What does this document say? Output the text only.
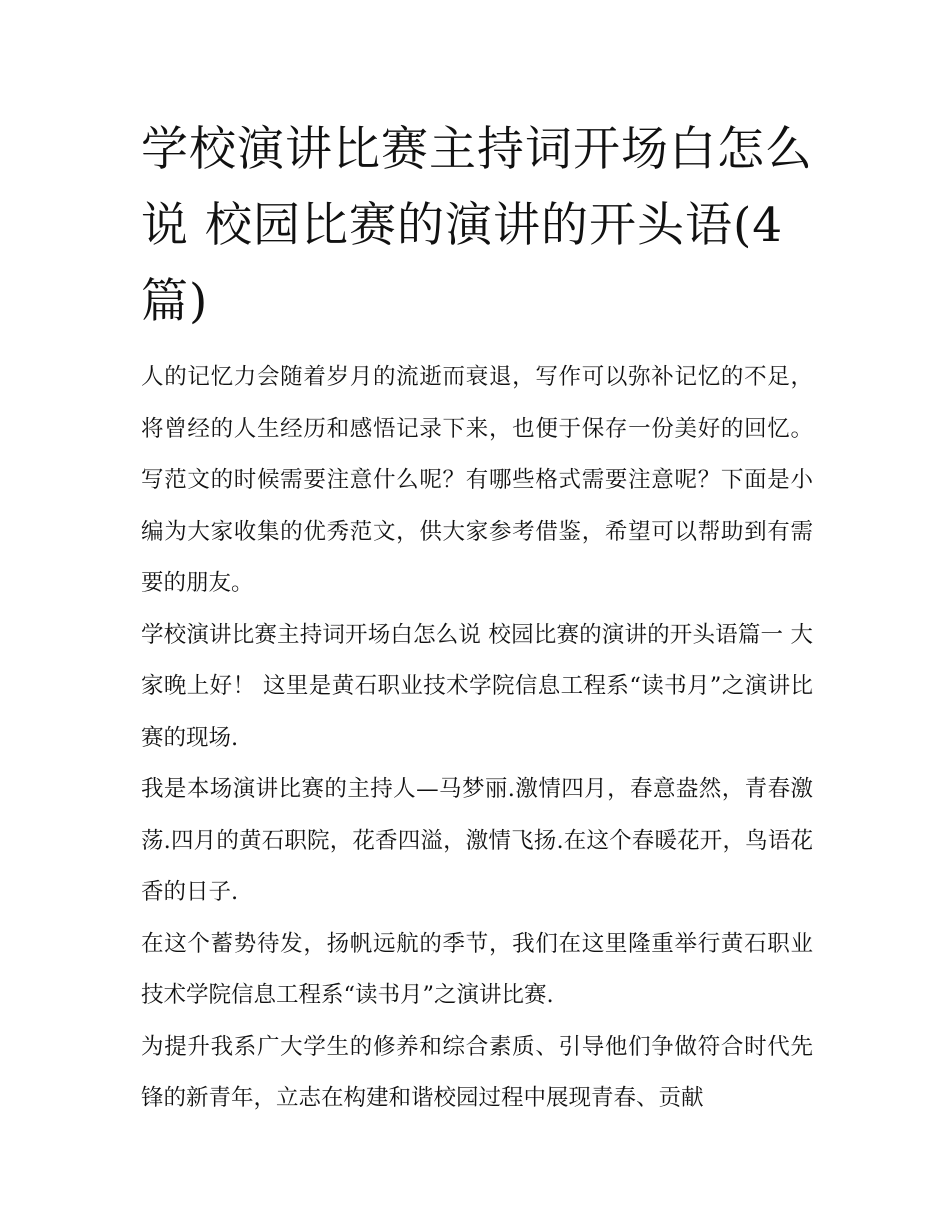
学校演讲比赛主持词开场白怎么说 校园比赛的演讲的开头语(4篇)

人的记忆力会随着岁月的流逝而衰退，写作可以弥补记忆的不足，将曾经的人生经历和感悟记录下来，也便于保存一份美好的回忆。写范文的时候需要注意什么呢？有哪些格式需要注意呢？下面是小编为大家收集的优秀范文，供大家参考借鉴，希望可以帮助到有需要的朋友。

学校演讲比赛主持词开场白怎么说 校园比赛的演讲的开头语篇一 大家晚上好！ 这里是黄石职业技术学院信息工程系“读书月”之演讲比赛的现场.

我是本场演讲比赛的主持人—马梦丽.激情四月，春意盎然，青春激荡.四月的黄石职院，花香四溢，激情飞扬.在这个春暖花开，鸟语花香的日子.

在这个蓄势待发，扬帆远航的季节，我们在这里隆重举行黄石职业技术学院信息工程系“读书月”之演讲比赛.

为提升我系广大学生的修养和综合素质、引导他们争做符合时代先锋的新青年，立志在构建和谐校园过程中展现青春、贡献
